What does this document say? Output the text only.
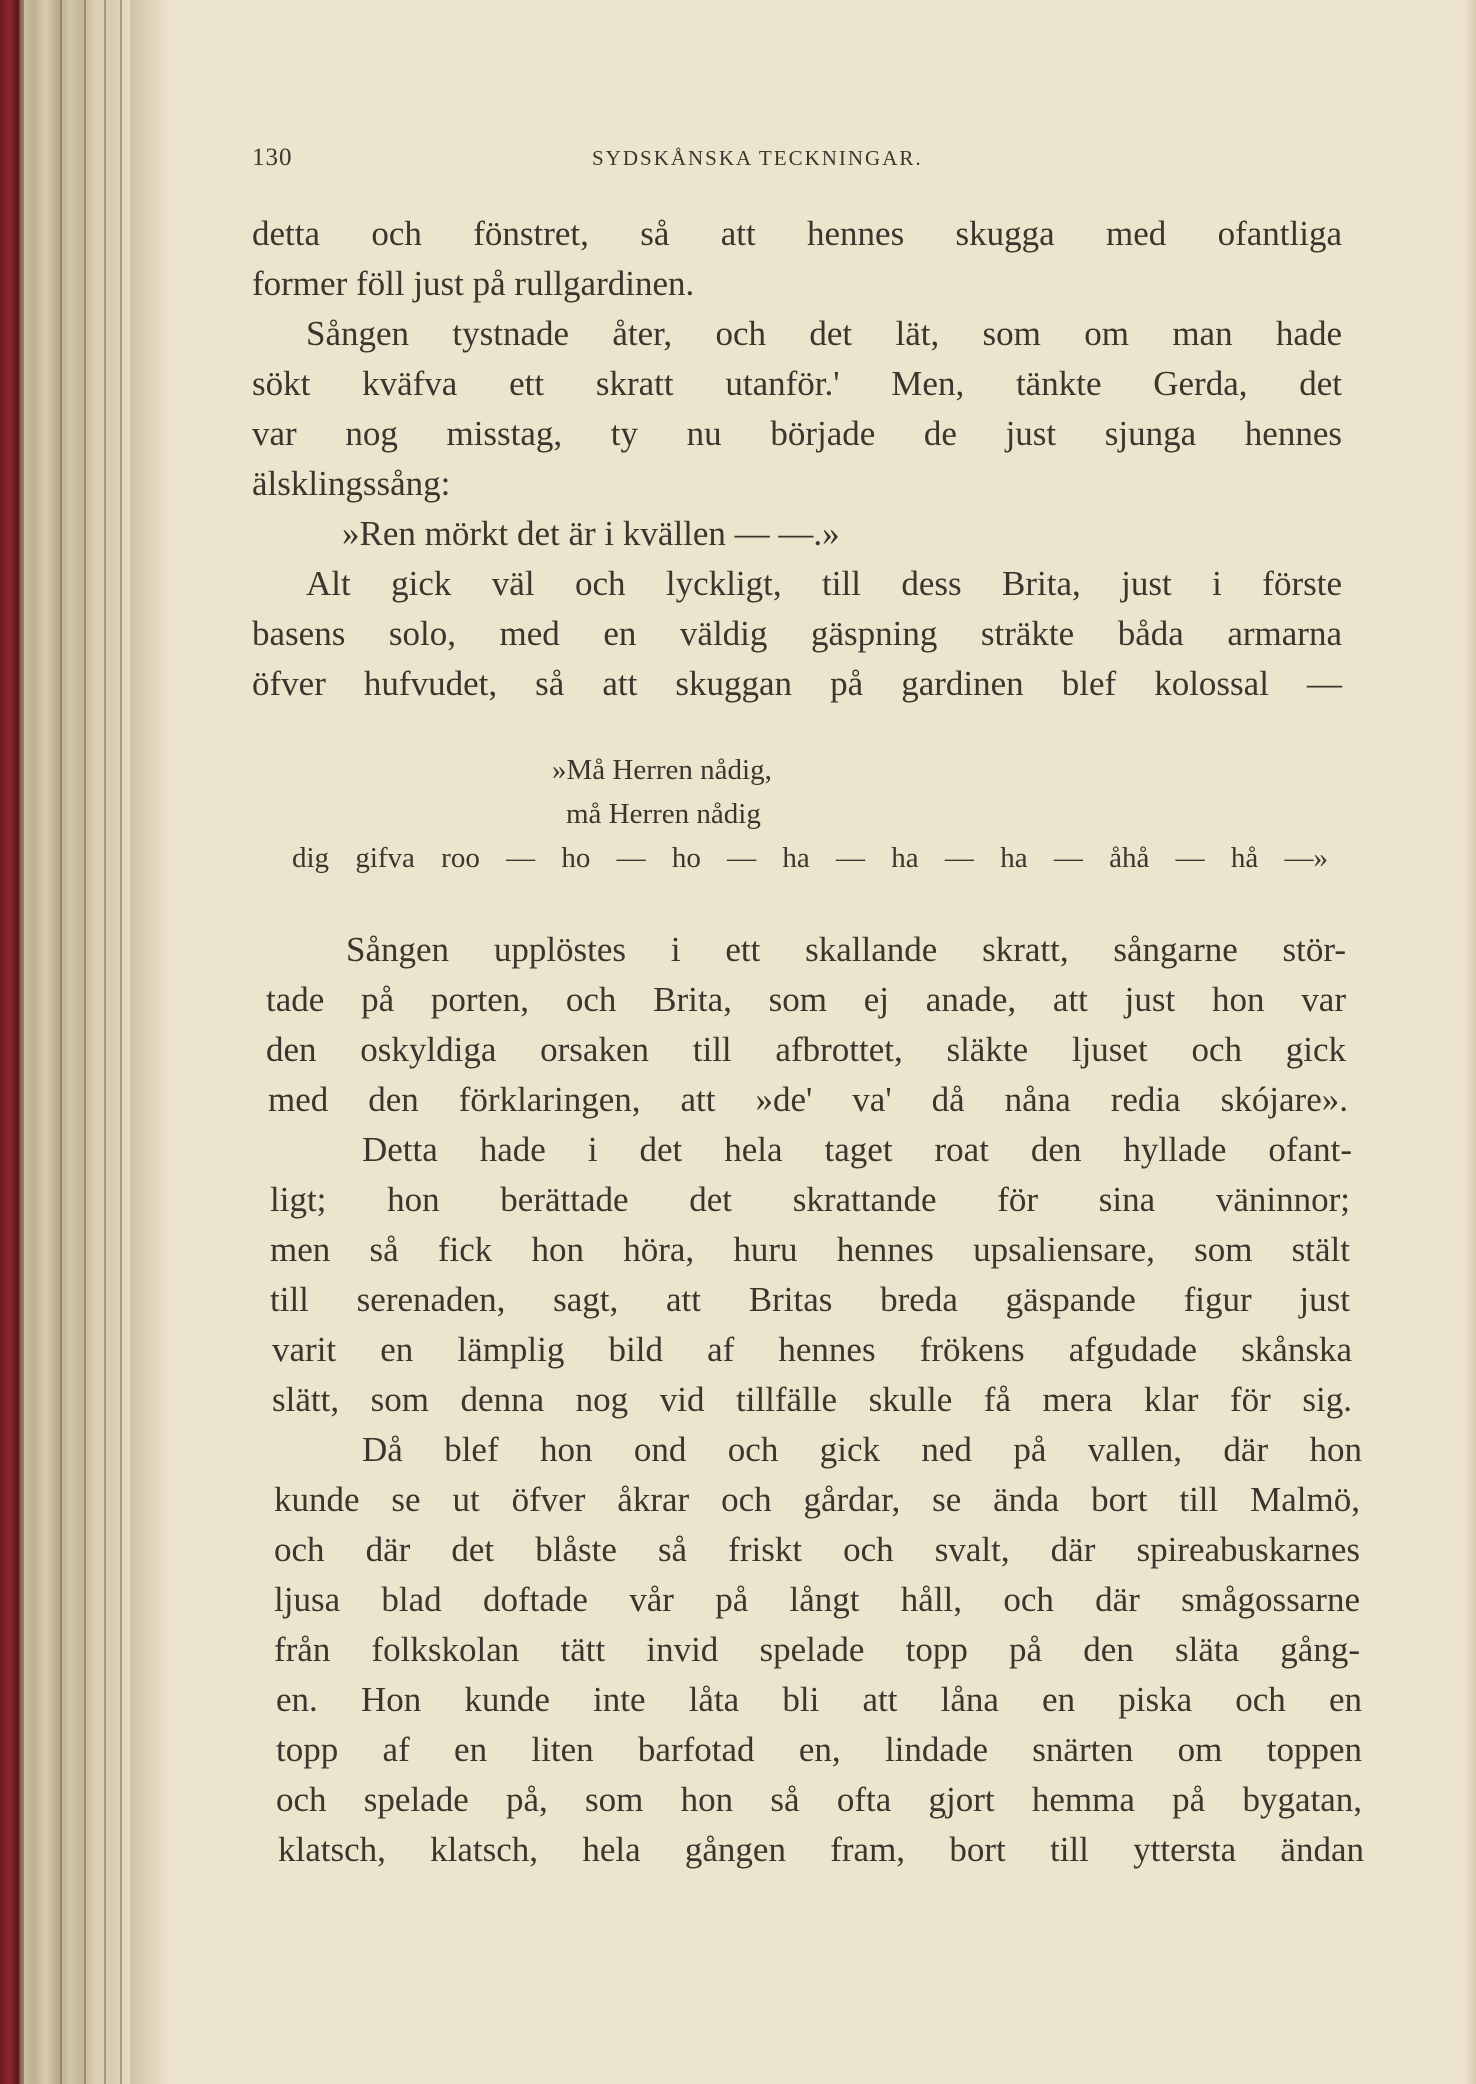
130	SYDSKÅNSKA TECKNINGAR.
detta och fönstret, så att hennes skugga med ofantliga
former föll just på rullgardinen.
Sången tystnade åter, och det lät, som om man hade
sökt kväfva ett skratt utanför.' Men, tänkte Gerda, det
var nog misstag, ty nu började de just sjunga hennes
älsklingssång:
»Ren mörkt det är i kvällen — —.»
Alt gick väl och lyckligt, till dess Brita, just i förste
basens solo, med en väldig gäspning sträkte båda armarna
öfver hufvudet, så att skuggan på gardinen blef kolossal —
»Må Herren nådig,
må Herren nådig
dig gifva roo — ho — ho — ha — ha — ha — åhå — hå —»
Sången upplöstes i ett skallande skratt, sångarne stör-
tade på porten, och Brita, som ej anade, att just hon var
den oskyldiga orsaken till afbrottet, släkte ljuset och gick
med den förklaringen, att »de' va' då nåna redia skójare».
Detta hade i det hela taget roat den hyllade ofant-
ligt; hon berättade det skrattande för sina väninnor;
men så fick hon höra, huru hennes upsaliensare, som stält
till serenaden, sagt, att Britas breda gäspande figur just
varit en lämplig bild af hennes frökens afgudade skånska
slätt, som denna nog vid tillfälle skulle få mera klar för sig.
Då blef hon ond och gick ned på vallen, där hon
kunde se ut öfver åkrar och gårdar, se ända bort till Malmö,
och där det blåste så friskt och svalt, där spireabuskarnes
ljusa blad doftade vår på långt håll, och där smågossarne
från folkskolan tätt invid spelade topp på den släta gång-
en. Hon kunde inte låta bli att låna en piska och en
topp af en liten barfotad en, lindade snärten om toppen
och spelade på, som hon så ofta gjort hemma på bygatan,
klatsch, klatsch, hela gången fram, bort till yttersta ändan
